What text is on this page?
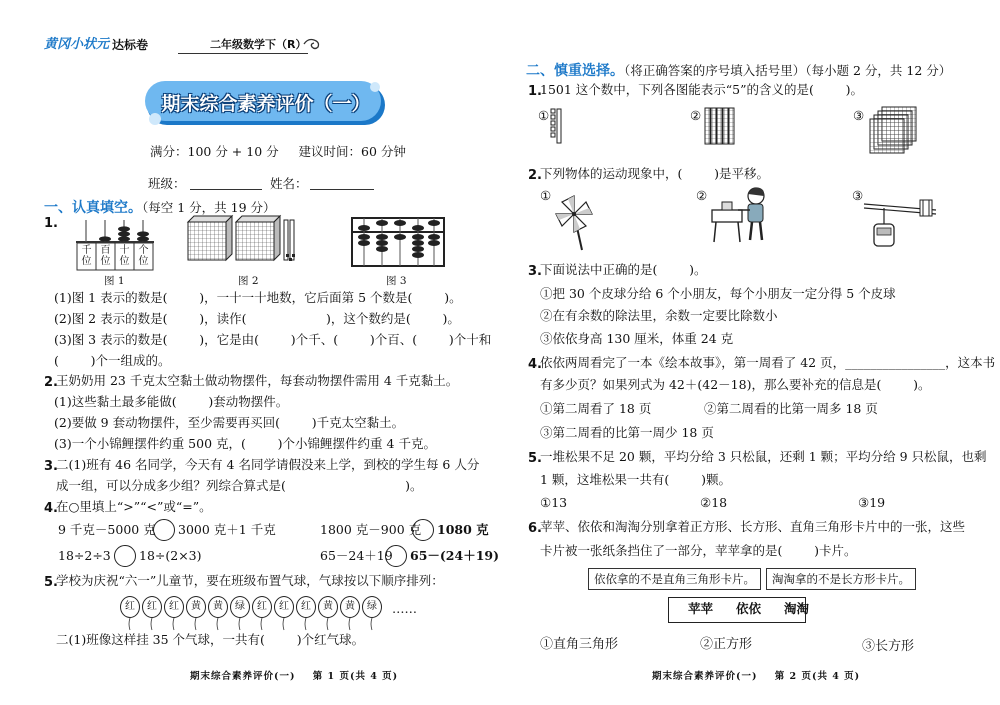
黄冈小状元 达标卷	二年级数学下（R）
期末综合素养评价（一）
满分：100 分 + 10 分     建议时间：60 分钟
班级：	姓名：
一、认真填空。（每空 1 分，共 19 分）
1.
千
位
百
位
十
位
个
位
图 1	图 2	图 3
(1)图 1 表示的数是(        )，一十一十地数，它后面第 5 个数是(        )。
(2)图 2 表示的数是(        )，读作(                    )，这个数约是(        )。
(3)图 3 表示的数是(        )，它是由(        )个千、(        )个百、(        )个十和
(        )个一组成的。
2.
王奶奶用 23 千克太空黏土做动物摆件，每套动物摆件需用 4 千克黏土。
(1)这些黏土最多能做(        )套动物摆件。
(2)要做 9 套动物摆件，至少需要再买回(        )千克太空黏土。
(3)一个小锦鲤摆件约重 500 克，(        )个小锦鲤摆件约重 4 千克。
3.
二(1)班有 46 名同学，今天有 4 名同学请假没来上学，到校的学生每 6 人分
成一组，可以分成多少组？列综合算式是(                              )。
4.
在○里填上“>”“<”或“=”。
9 千克－5000 克 3000 克＋1 千克	1800 克－900 克 1080 克
18÷2÷3 18÷(2×3)	65－24＋19 65－(24＋19)
5.
学校为庆祝“六一”儿童节，要在班级布置气球，气球按以下顺序排列：
红	红	红	黄	黄	绿	红	红	红	黄	黄	绿	……
二(1)班像这样挂 35 个气球，一共有(        )个红气球。
期末综合素养评价(一)    第 1 页(共 4 页)
二、慎重选择。（将正确答案的序号填入括号里）（每小题 2 分，共 12 分）
1.
1501 这个数中，下列各图能表示“5”的含义的是(        )。
①	②	③
2.
下列物体的运动现象中，(        )是平移。
①	②	③
3.
下面说法中正确的是(        )。
①把 30 个皮球分给 6 个小朋友，每个小朋友一定分得 5 个皮球
②在有余数的除法里，余数一定要比除数小
③依依身高 130 厘米，体重 24 克
4.
依依两周看完了一本《绘本故事》，第一周看了 42 页，________________，这本书
有多少页？如果列式为 42＋(42－18)，那么要补充的信息是(        )。
①第二周看了 18 页	②第二周看的比第一周多 18 页
③第二周看的比第一周少 18 页
5.
一堆松果不足 20 颗，平均分给 3 只松鼠，还剩 1 颗；平均分给 9 只松鼠，也剩
1 颗，这堆松果一共有(        )颗。
①13	②18	③19
6.
苹苹、依依和淘淘分别拿着正方形、长方形、直角三角形卡片中的一张，这些
卡片被一张纸条挡住了一部分，苹苹拿的是(        )卡片。
依依拿的不是直角三角形卡片。	淘淘拿的不是长方形卡片。
苹苹 依依 淘淘
①直角三角形	②正方形	③长方形
期末综合素养评价(一)    第 2 页(共 4 页)
